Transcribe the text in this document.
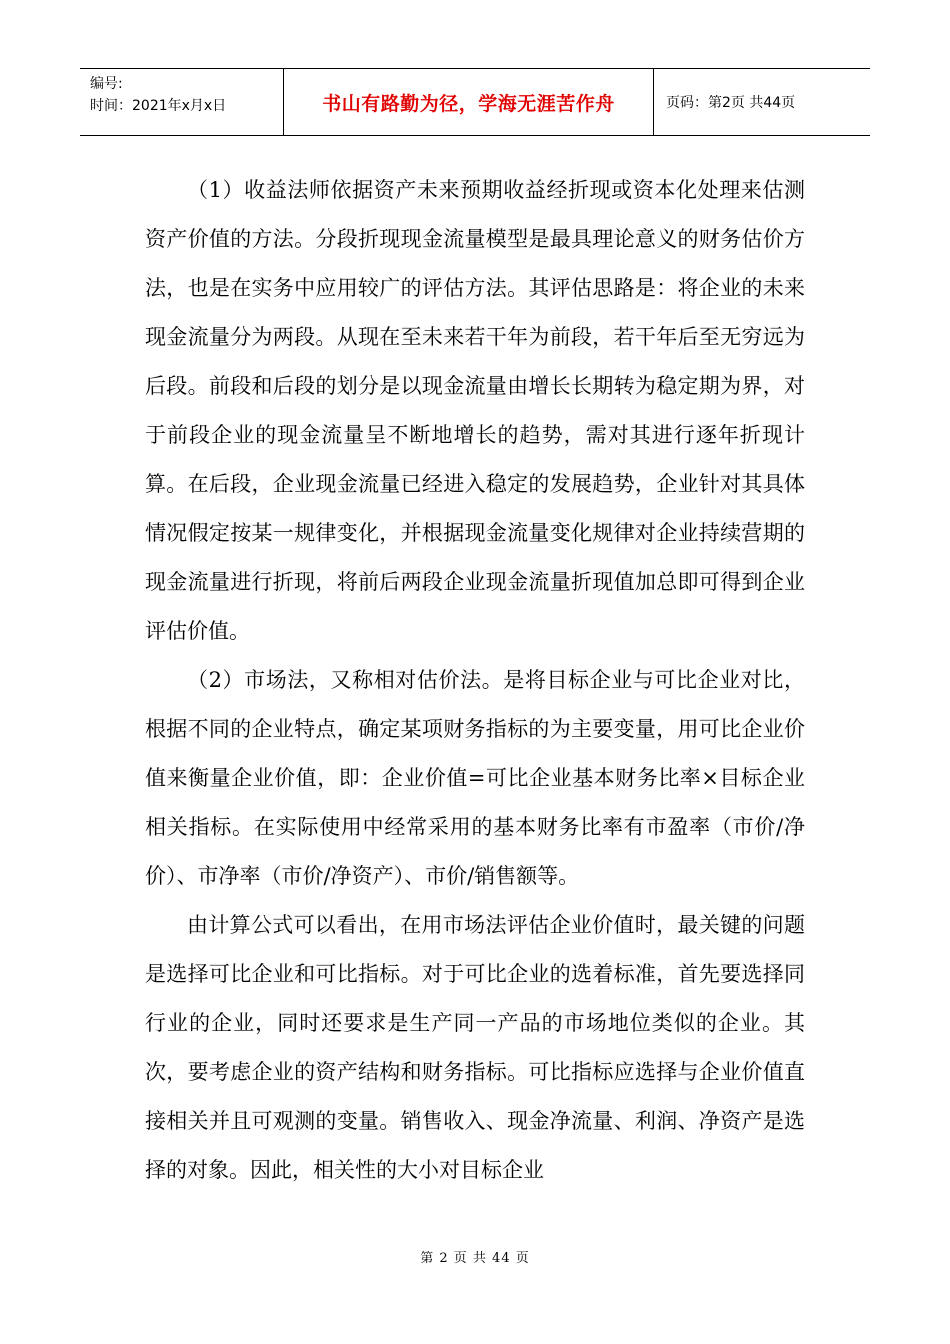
编号:
时间：2021年x月x日	书山有路勤为径，学海无涯苦作舟	页码：第2页 共44页

（1）收益法师依据资产未来预期收益经折现或资本化处理来估测资产价值的方法。分段折现现金流量模型是最具理论意义的财务估价方法，也是在实务中应用较广的评估方法。其评估思路是：将企业的未来现金流量分为两段。从现在至未来若干年为前段，若干年后至无穷远为后段。前段和后段的划分是以现金流量由增长长期转为稳定期为界，对于前段企业的现金流量呈不断地增长的趋势，需对其进行逐年折现计算。在后段，企业现金流量已经进入稳定的发展趋势，企业针对其具体情况假定按某一规律变化，并根据现金流量变化规律对企业持续营期的现金流量进行折现，将前后两段企业现金流量折现值加总即可得到企业评估价值。

（2）市场法，又称相对估价法。是将目标企业与可比企业对比，根据不同的企业特点，确定某项财务指标的为主要变量，用可比企业价值来衡量企业价值，即：企业价值=可比企业基本财务比率×目标企业相关指标。在实际使用中经常采用的基本财务比率有市盈率（市价/净价）、市净率（市价/净资产）、市价/销售额等。

由计算公式可以看出，在用市场法评估企业价值时，最关键的问题是选择可比企业和可比指标。对于可比企业的选着标准，首先要选择同行业的企业，同时还要求是生产同一产品的市场地位类似的企业。其次，要考虑企业的资产结构和财务指标。可比指标应选择与企业价值直接相关并且可观测的变量。销售收入、现金净流量、利润、净资产是选择的对象。因此，相关性的大小对目标企业

第 2 页 共 44 页
